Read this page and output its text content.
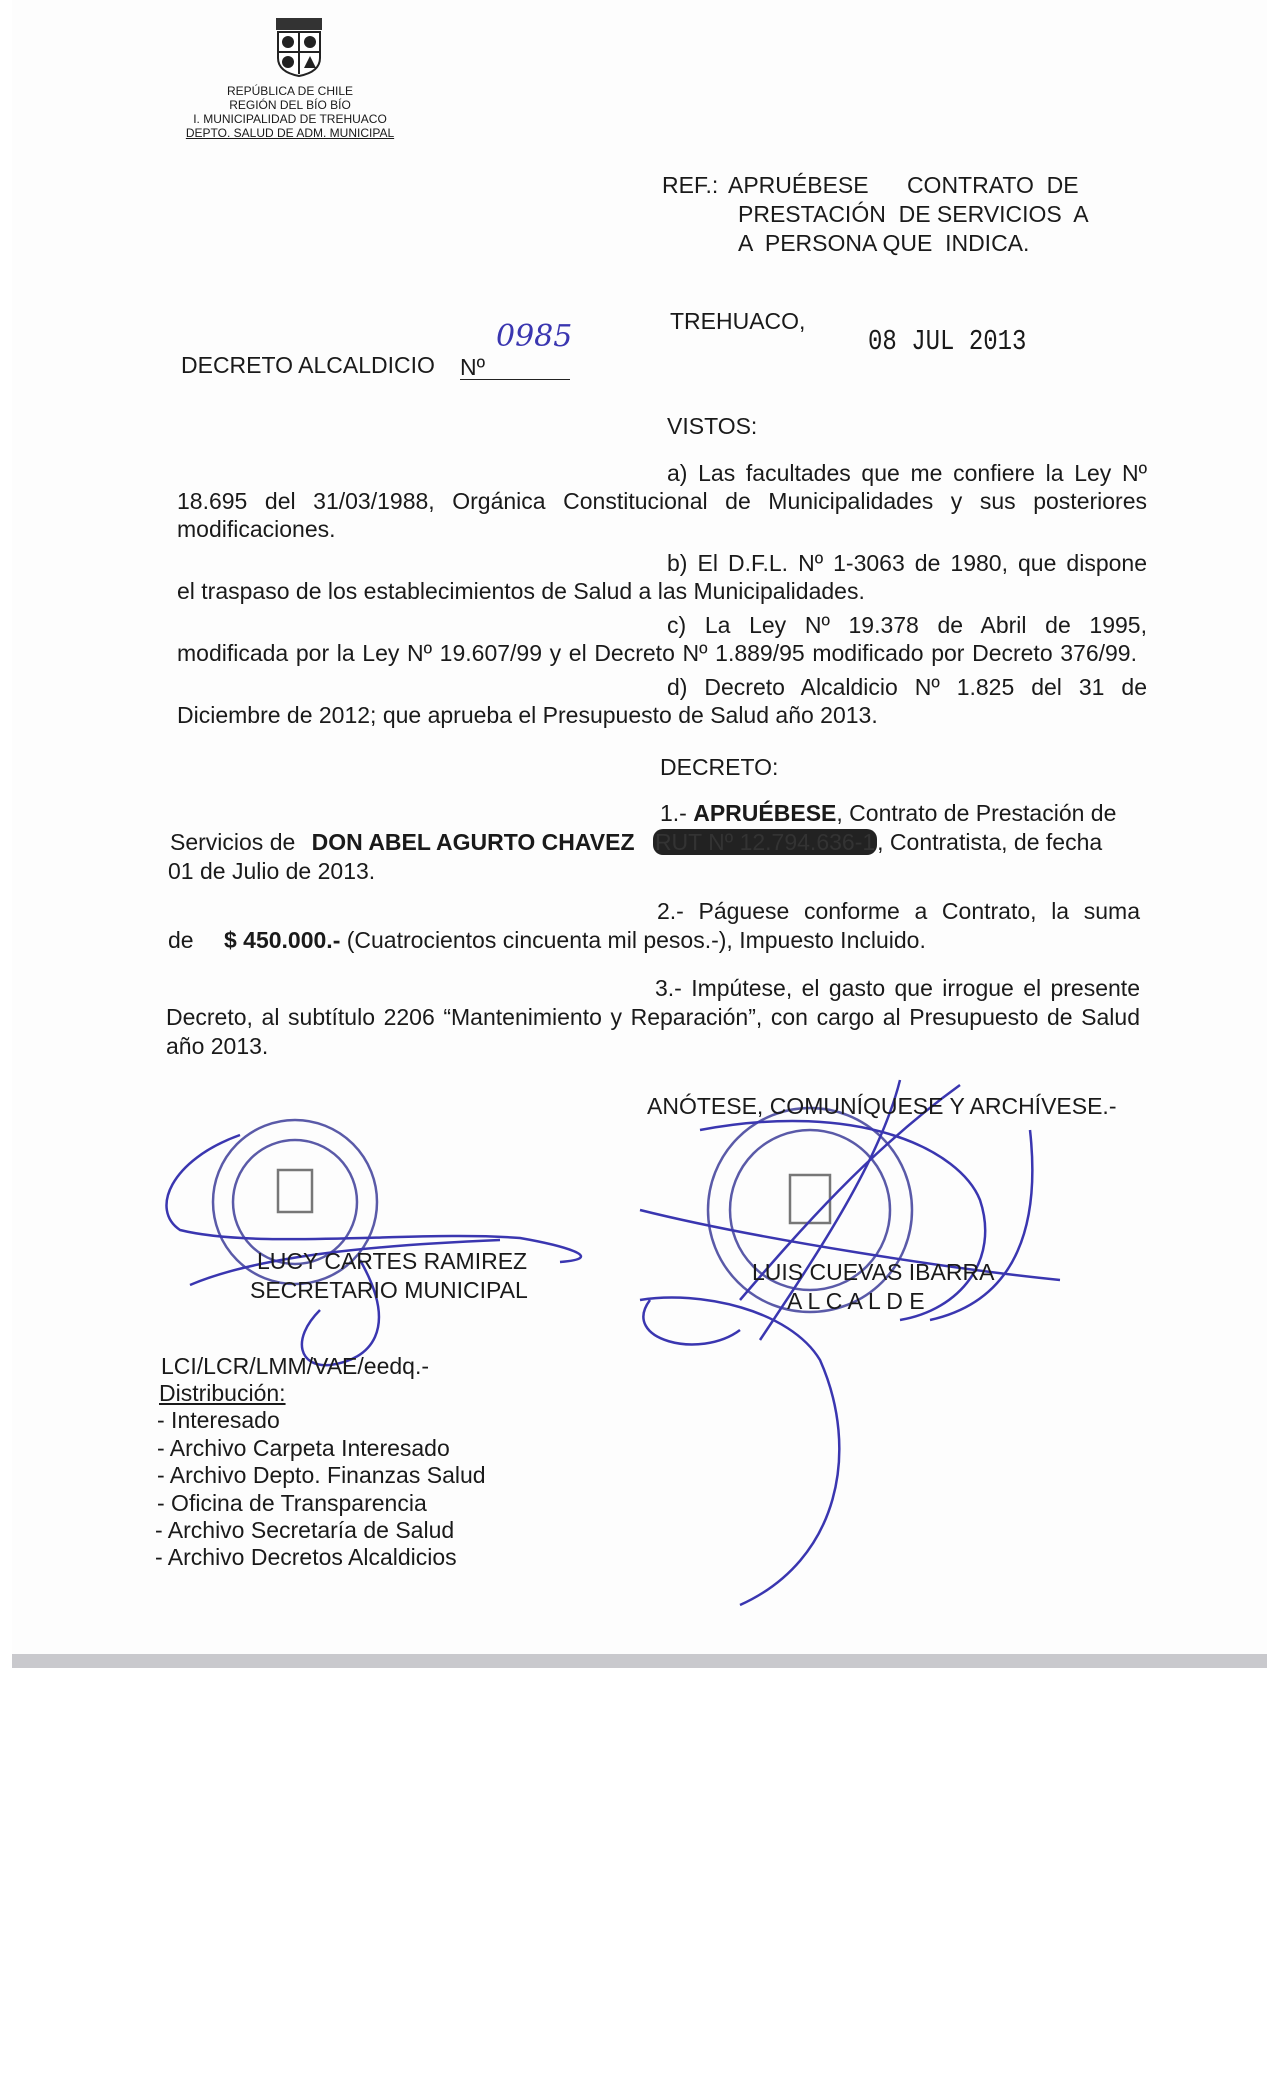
REPÚBLICA DE CHILE
REGIÓN DEL BÍO BÍO
I. MUNICIPALIDAD DE TREHUACO
DEPTO. SALUD DE ADM. MUNICIPAL
REF.: APRUÉBESE      CONTRATO  DE
PRESTACIÓN  DE SERVICIOS  A
A  PERSONA QUE  INDICA.
TREHUACO,
08 JUL 2013
DECRETO ALCALDICIO Nº
0985
VISTOS:
a) Las facultades que me confiere la Ley Nº
18.695 del 31/03/1988, Orgánica Constitucional de Municipalidades y sus posteriores
modificaciones.
b) El D.F.L. Nº 1-3063 de 1980, que dispone
el traspaso de los establecimientos de Salud a las Municipalidades.
c) La Ley Nº 19.378 de Abril de 1995,
modificada por la Ley Nº 19.607/99 y el Decreto Nº 1.889/95 modificado por Decreto 376/99.
d) Decreto Alcaldicio Nº 1.825 del 31 de
Diciembre de 2012; que aprueba el Presupuesto de Salud año 2013.
DECRETO:
1.- APRUÉBESE, Contrato de Prestación de
Servicios de DON ABEL AGURTO CHAVEZ RUT Nº 12.794.636-1, Contratista, de fecha
01 de Julio de 2013.
2.- Páguese conforme a Contrato, la suma
de $ 450.000.- (Cuatrocientos cincuenta mil pesos.-), Impuesto Incluido.
3.- Impútese, el gasto que irrogue el presente
Decreto, al subtítulo 2206 “Mantenimiento y Reparación”, con cargo al Presupuesto de Salud
año 2013.
ANÓTESE, COMUNÍQUESE Y ARCHÍVESE.-
LUCY CARTES RAMIREZ
SECRETARIO MUNICIPAL
LUIS CUEVAS IBARRA
A L C A L D E
LCI/LCR/LMM/VAE/eedq.-
Distribución:
- Interesado
- Archivo Carpeta Interesado
- Archivo Depto. Finanzas Salud
- Oficina de Transparencia
- Archivo Secretaría de Salud
- Archivo Decretos Alcaldicios
